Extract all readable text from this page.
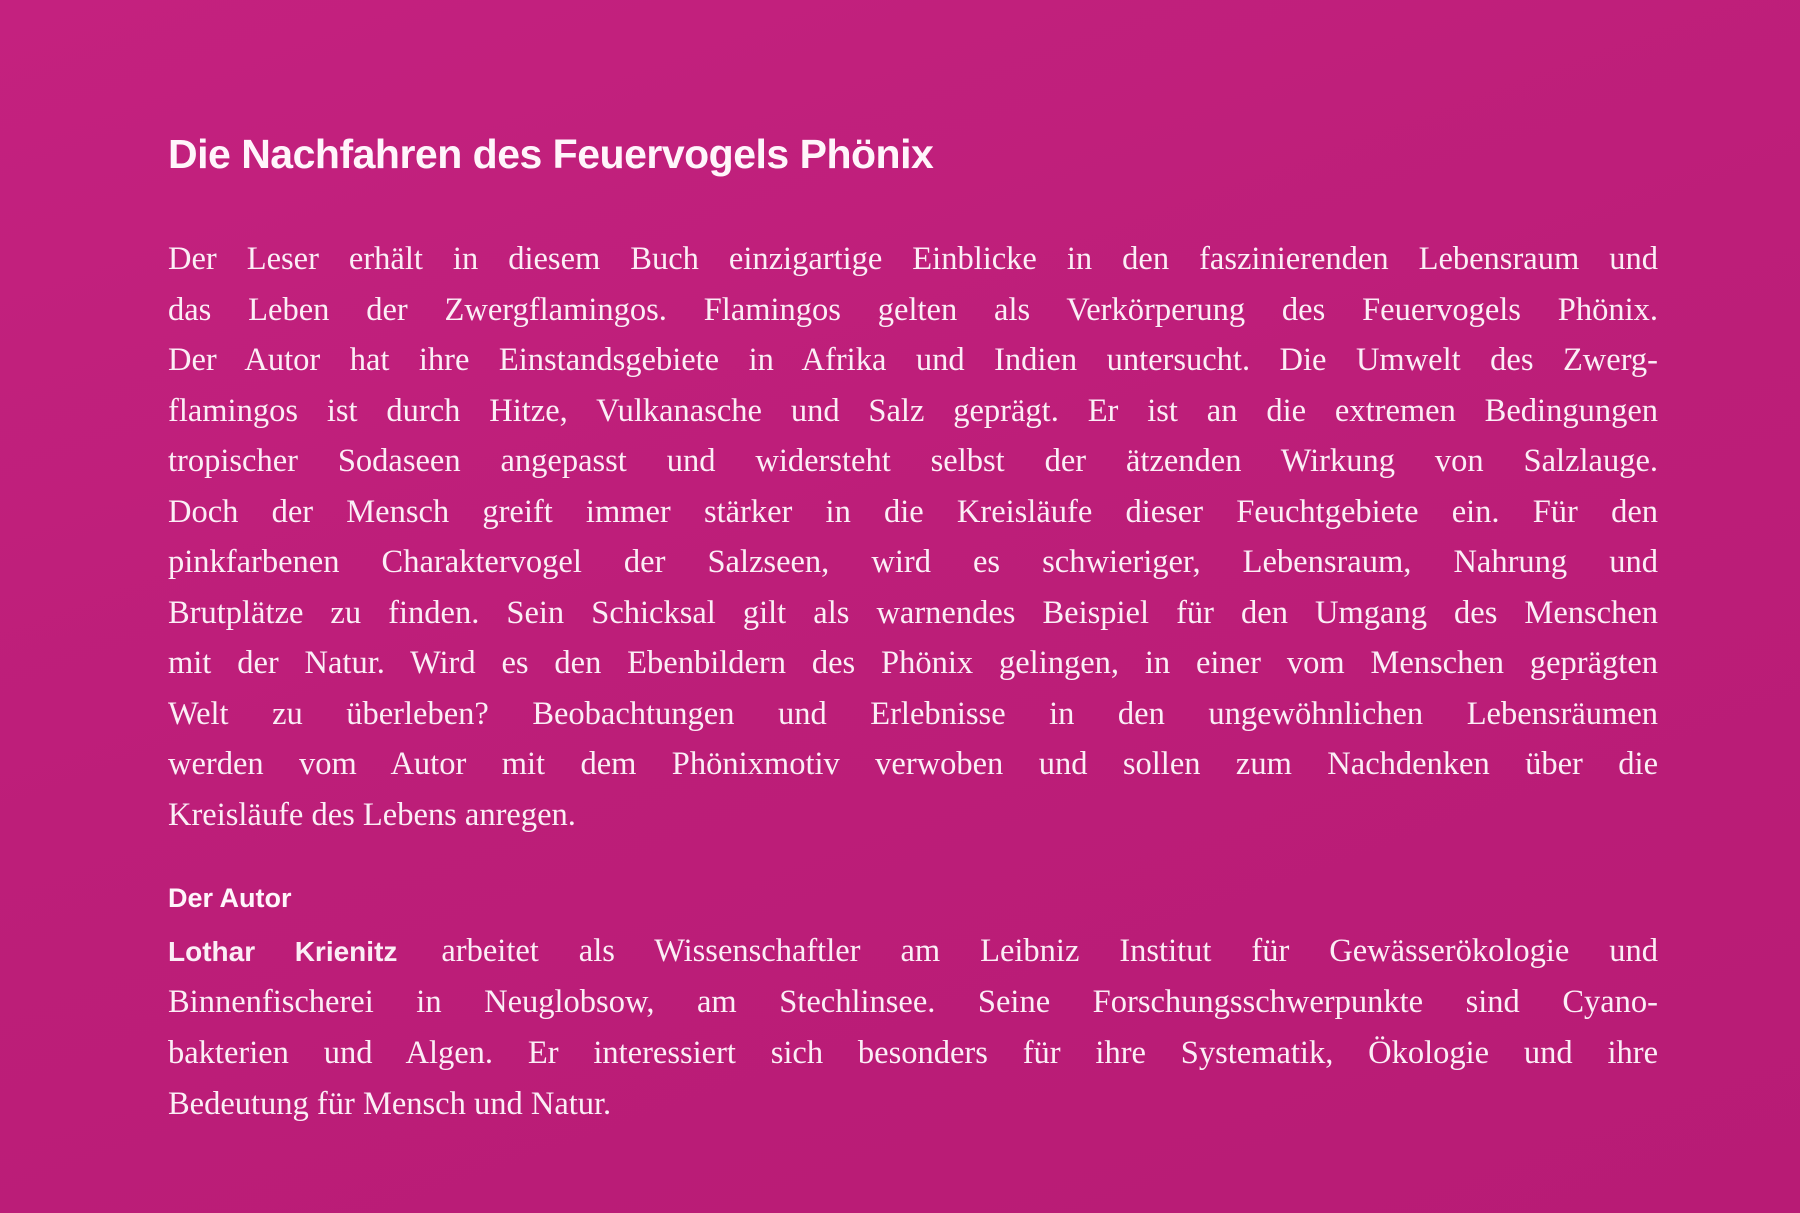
Die Nachfahren des Feuervogels Phönix
Der Leser erhält in diesem Buch einzigartige Einblicke in den faszinierenden Lebensraum und
das Leben der Zwergflamingos. Flamingos gelten als Verkörperung des Feuervogels Phönix.
Der Autor hat ihre Einstandsgebiete in Afrika und Indien untersucht. Die Umwelt des Zwerg-
flamingos ist durch Hitze, Vulkanasche und Salz geprägt. Er ist an die extremen Bedingungen
tropischer Sodaseen angepasst und widersteht selbst der ätzenden Wirkung von Salzlauge.
Doch der Mensch greift immer stärker in die Kreisläufe dieser Feuchtgebiete ein. Für den
pinkfarbenen Charaktervogel der Salzseen, wird es schwieriger, Lebensraum, Nahrung und
Brutplätze zu finden. Sein Schicksal gilt als warnendes Beispiel für den Umgang des Menschen
mit der Natur. Wird es den Ebenbildern des Phönix gelingen, in einer vom Menschen geprägten
Welt zu überleben? Beobachtungen und Erlebnisse in den ungewöhnlichen Lebensräumen
werden vom Autor mit dem Phönixmotiv verwoben und sollen zum Nachdenken über die
Kreisläufe des Lebens anregen.
Der Autor
Lothar Krienitz arbeitet als Wissenschaftler am Leibniz Institut für Gewässerökologie und
Binnenfischerei in Neuglobsow, am Stechlinsee. Seine Forschungsschwerpunkte sind Cyano-
bakterien und Algen. Er interessiert sich besonders für ihre Systematik, Ökologie und ihre
Bedeutung für Mensch und Natur.
